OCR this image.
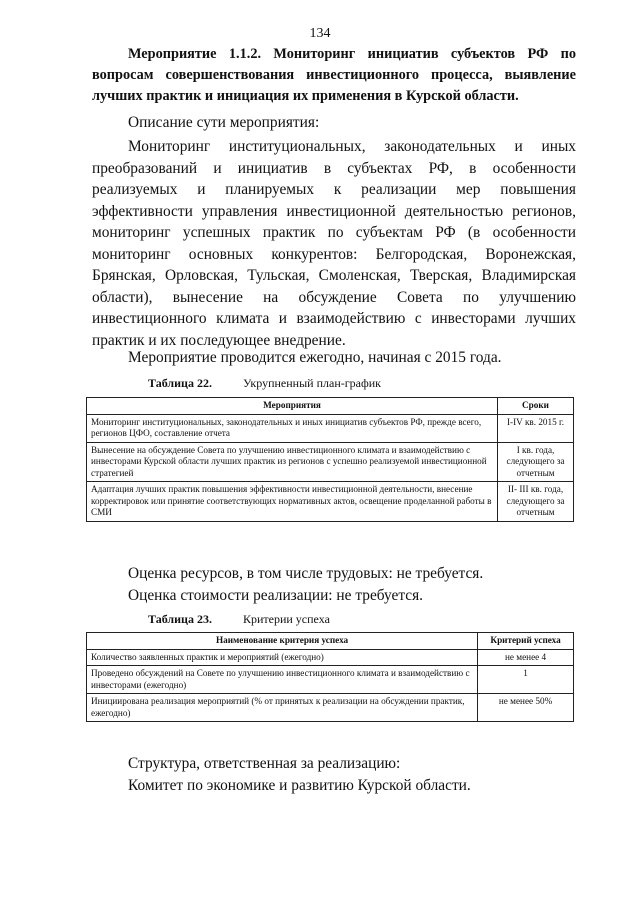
134
Мероприятие 1.1.2. Мониторинг инициатив субъектов РФ по вопросам совершенствования инвестиционного процесса, выявление лучших практик и инициация их применения в Курской области.
Описание сути мероприятия:
Мониторинг институциональных, законодательных и иных преобразований и инициатив в субъектах РФ, в особенности реализуемых и планируемых к реализации мер повышения эффективности управления инвестиционной деятельностью регионов, мониторинг успешных практик по субъектам РФ (в особенности мониторинг основных конкурентов: Белгородская, Воронежская, Брянская, Орловская, Тульская, Смоленская, Тверская, Владимирская области), вынесение на обсуждение Совета по улучшению инвестиционного климата и взаимодействию с инвесторами лучших практик и их последующее внедрение.
Мероприятие проводится ежегодно, начиная с 2015 года.
Таблица 22.	Укрупненный план-график
Мероприятия	Сроки
Мониторинг институциональных, законодательных и иных инициатив субъектов РФ, прежде всего, регионов ЦФО, составление отчета	I-IV кв. 2015 г.
Вынесение на обсуждение Совета по улучшению инвестиционного климата и взаимодействию с инвесторами Курской области лучших практик из регионов с успешно реализуемой инвестиционной стратегией	I кв. года, следующего за отчетным
Адаптация лучших практик повышения эффективности инвестиционной деятельности, внесение корректировок или принятие соответствующих нормативных актов, освещение проделанной работы в СМИ	II- III кв. года, следующего за отчетным
Оценка ресурсов, в том числе трудовых: не требуется.
Оценка стоимости реализации: не требуется.
Таблица 23.	Критерии успеха
Наименование критерия успеха	Критерий успеха
Количество заявленных практик и мероприятий (ежегодно)	не менее 4
Проведено обсуждений на Совете по улучшению инвестиционного климата и взаимодействию с инвесторами (ежегодно)	1
Инициирована реализация мероприятий (% от принятых к реализации на обсуждении практик, ежегодно)	не менее 50%
Структура, ответственная за реализацию:
Комитет по экономике и развитию Курской области.
